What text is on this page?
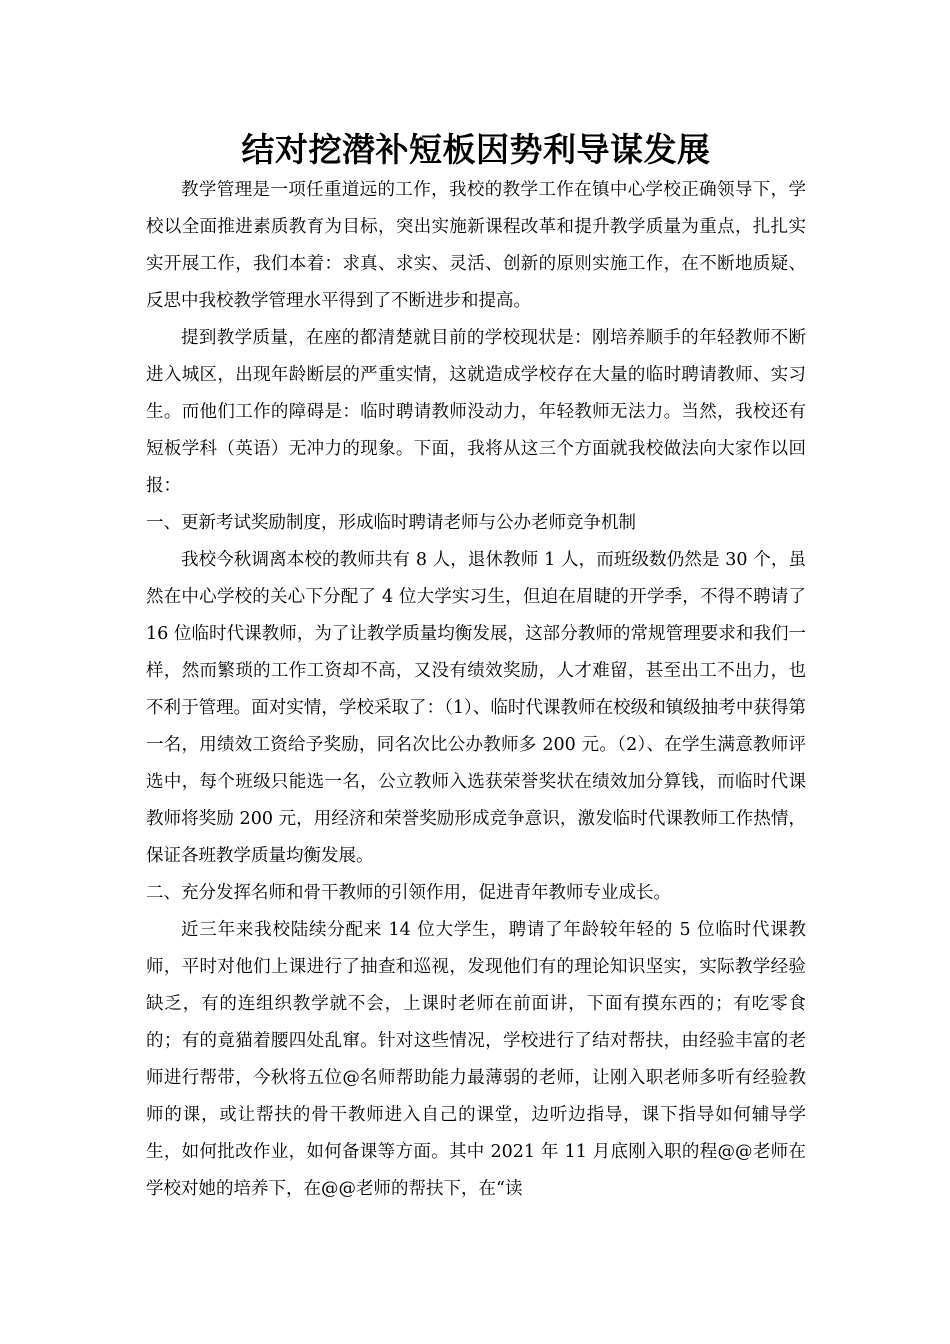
结对挖潜补短板因势利导谋发展

教学管理是一项任重道远的工作，我校的教学工作在镇中心学校正确领导下，学校以全面推进素质教育为目标，突出实施新课程改革和提升教学质量为重点，扎扎实实开展工作，我们本着：求真、求实、灵活、创新的原则实施工作，在不断地质疑、反思中我校教学管理水平得到了不断进步和提高。

提到教学质量，在座的都清楚就目前的学校现状是：刚培养顺手的年轻教师不断进入城区，出现年龄断层的严重实情，这就造成学校存在大量的临时聘请教师、实习生。而他们工作的障碍是：临时聘请教师没动力，年轻教师无法力。当然，我校还有短板学科（英语）无冲力的现象。下面，我将从这三个方面就我校做法向大家作以回报：

一、更新考试奖励制度，形成临时聘请老师与公办老师竞争机制

我校今秋调离本校的教师共有 8 人，退休教师 1 人，而班级数仍然是 30 个，虽然在中心学校的关心下分配了 4 位大学实习生，但迫在眉睫的开学季，不得不聘请了 16 位临时代课教师，为了让教学质量均衡发展，这部分教师的常规管理要求和我们一样，然而繁琐的工作工资却不高，又没有绩效奖励，人才难留，甚至出工不出力，也不利于管理。面对实情，学校采取了：（1）、临时代课教师在校级和镇级抽考中获得第一名，用绩效工资给予奖励，同名次比公办教师多 200 元。（2）、在学生满意教师评选中，每个班级只能选一名，公立教师入选获荣誉奖状在绩效加分算钱，而临时代课教师将奖励 200 元，用经济和荣誉奖励形成竞争意识，激发临时代课教师工作热情，保证各班教学质量均衡发展。

二、充分发挥名师和骨干教师的引领作用，促进青年教师专业成长。

近三年来我校陆续分配来 14 位大学生，聘请了年龄较年轻的 5 位临时代课教师，平时对他们上课进行了抽查和巡视，发现他们有的理论知识坚实，实际教学经验缺乏，有的连组织教学就不会，上课时老师在前面讲，下面有摸东西的；有吃零食的；有的竟猫着腰四处乱窜。针对这些情况，学校进行了结对帮扶，由经验丰富的老师进行帮带，今秋将五位@名师帮助能力最薄弱的老师，让刚入职老师多听有经验教师的课，或让帮扶的骨干教师进入自己的课堂，边听边指导，课下指导如何辅导学生，如何批改作业，如何备课等方面。其中 2021 年 11 月底刚入职的程@@老师在学校对她的培养下，在@@老师的帮扶下，在“读
